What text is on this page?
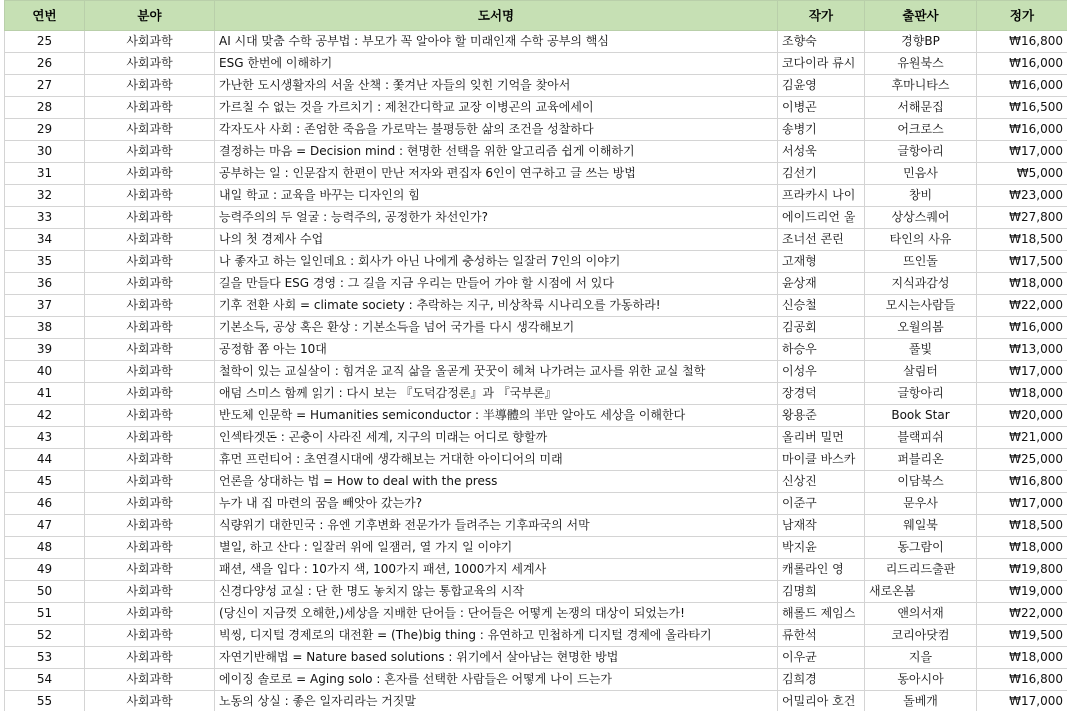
연번	분야	도서명	작가	출판사	정가
25	사회과학	AI 시대 맞춤 수학 공부법 : 부모가 꼭 알아야 할 미래인재 수학 공부의 핵심	조향숙	경향BP	₩16,800
26	사회과학	ESG 한번에 이해하기	코다이라 류시	유원북스	₩16,000
27	사회과학	가난한 도시생활자의 서울 산책 : 쫓겨난 자들의 잊힌 기억을 찾아서	김윤영	후마니타스	₩16,000
28	사회과학	가르칠 수 없는 것을 가르치기 : 제천간디학교 교장 이병곤의 교육에세이	이병곤	서해문집	₩16,500
29	사회과학	각자도사 사회 : 존엄한 죽음을 가로막는 불평등한 삶의 조건을 성찰하다	송병기	어크로스	₩16,000
30	사회과학	결정하는 마음 = Decision mind : 현명한 선택을 위한 알고리즘 쉽게 이해하기	서성욱	글항아리	₩17,000
31	사회과학	공부하는 일 : 인문잡지 한편이 만난 저자와 편집자 6인이 연구하고 글 쓰는 방법	김선기	민음사	₩5,000
32	사회과학	내일 학교 : 교육을 바꾸는 디자인의 힘	프라카시 나이	창비	₩23,000
33	사회과학	능력주의의 두 얼굴 : 능력주의, 공정한가 차선인가?	에이드리언 울	상상스퀘어	₩27,800
34	사회과학	나의 첫 경제사 수업	조너선 콘린	타인의 사유	₩18,500
35	사회과학	나 좋자고 하는 일인데요 : 회사가 아닌 나에게 충성하는 일잘러 7인의 이야기	고재형	뜨인돌	₩17,500
36	사회과학	길을 만들다 ESG 경영 : 그 길을 지금 우리는 만들어 가야 할 시점에 서 있다	윤상재	지식과감성	₩18,000
37	사회과학	기후 전환 사회 = climate society : 추락하는 지구, 비상착륙 시나리오를 가동하라!	신승철	모시는사람들	₩22,000
38	사회과학	기본소득, 공상 혹은 환상 : 기본소득을 넘어 국가를 다시 생각해보기	김공회	오월의봄	₩16,000
39	사회과학	공정함 쫌 아는 10대	하승우	풀빛	₩13,000
40	사회과학	철학이 있는 교실살이 : 힘겨운 교직 삶을 올곧게 꿋꿋이 헤쳐 나가려는 교사를 위한 교실 철학	이성우	살림터	₩17,000
41	사회과학	애덤 스미스 함께 읽기 : 다시 보는 『도덕감정론』과 『국부론』	장경덕	글항아리	₩18,000
42	사회과학	반도체 인문학 = Humanities semiconductor : 半導體의 半만 알아도 세상을 이해한다	왕용준	Book Star	₩20,000
43	사회과학	인섹타겟돈 : 곤충이 사라진 세계, 지구의 미래는 어디로 향할까	올리버 밀먼	블랙피쉬	₩21,000
44	사회과학	휴먼 프런티어 : 초연결시대에 생각해보는 거대한 아이디어의 미래	마이클 바스카	퍼블리온	₩25,000
45	사회과학	언론을 상대하는 법 = How to deal with the press	신상진	이담북스	₩16,800
46	사회과학	누가 내 집 마련의 꿈을 빼앗아 갔는가?	이준구	문우사	₩17,000
47	사회과학	식량위기 대한민국 : 유엔 기후변화 전문가가 들려주는 기후파국의 서막	남재작	웨일북	₩18,500
48	사회과학	별일, 하고 산다 : 일잘러 위에 일잼러, 열 가지 일 이야기	박지윤	동그람이	₩18,000
49	사회과학	패션, 색을 입다 : 10가지 색, 100가지 패션, 1000가지 세계사	캐롤라인 영	리드리드출판	₩19,800
50	사회과학	신경다양성 교실 : 단 한 명도 놓치지 않는 통합교육의 시작	김명희	새로온봄	₩19,000
51	사회과학	(당신이 지금껏 오해한,)세상을 지배한 단어들 : 단어들은 어떻게 논쟁의 대상이 되었는가!	해롤드 제임스	앤의서재	₩22,000
52	사회과학	빅씽, 디지털 경제로의 대전환 = (The)big thing : 유연하고 민첩하게 디지털 경제에 올라타기	류한석	코리아닷컴	₩19,500
53	사회과학	자연기반해법 = Nature based solutions : 위기에서 살아남는 현명한 방법	이우균	지을	₩18,000
54	사회과학	에이징 솔로로 = Aging solo : 혼자를 선택한 사람들은 어떻게 나이 드는가	김희경	동아시아	₩16,800
55	사회과학	노동의 상실 : 좋은 일자리라는 거짓말	어밀리아 호건	돌베개	₩17,000
